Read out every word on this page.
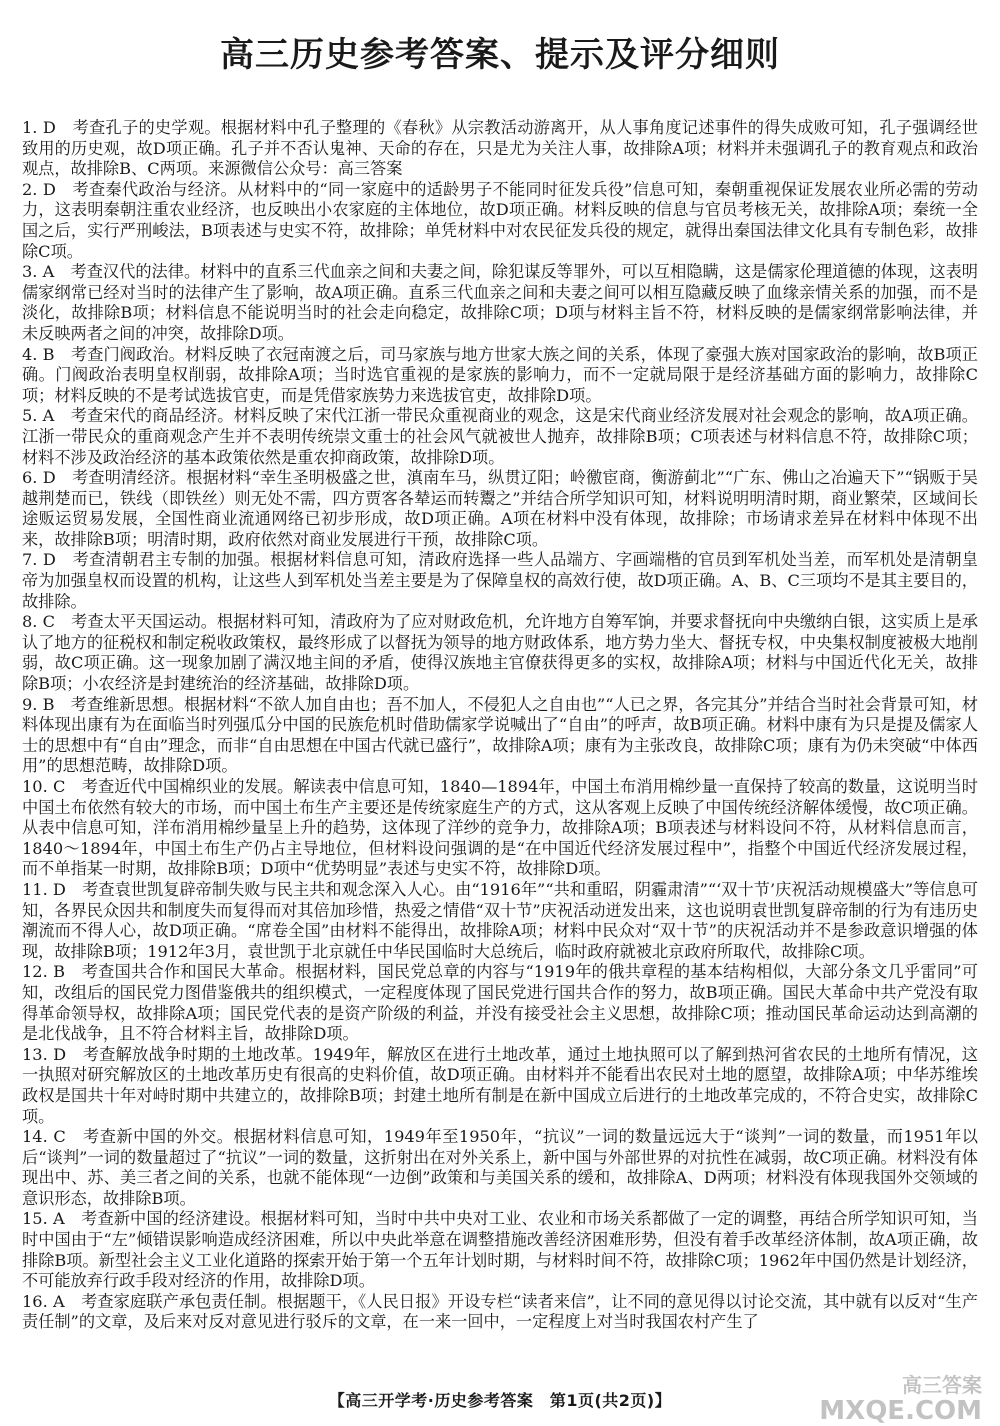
高三历史参考答案、提示及评分细则

1. D　考查孔子的史学观。根据材料中孔子整理的《春秋》从宗教活动游离开，从人事角度记述事件的得失成败可知，孔子强调经世致用的历史观，故D项正确。孔子并不否认鬼神、天命的存在，只是尤为关注人事，故排除A项；材料并未强调孔子的教育观点和政治观点，故排除B、C两项。来源微信公众号：高三答案

2. D　考查秦代政治与经济。从材料中的“同一家庭中的适龄男子不能同时征发兵役”信息可知，秦朝重视保证发展农业所必需的劳动力，这表明秦朝注重农业经济，也反映出小农家庭的主体地位，故D项正确。材料反映的信息与官员考核无关，故排除A项；秦统一全国之后，实行严刑峻法，B项表述与史实不符，故排除；单凭材料中对农民征发兵役的规定，就得出秦国法律文化具有专制色彩，故排除C项。

3. A　考查汉代的法律。材料中的直系三代血亲之间和夫妻之间，除犯谋反等罪外，可以互相隐瞒，这是儒家伦理道德的体现，这表明儒家纲常已经对当时的法律产生了影响，故A项正确。直系三代血亲之间和夫妻之间可以相互隐藏反映了血缘亲情关系的加强，而不是淡化，故排除B项；材料信息不能说明当时的社会走向稳定，故排除C项；D项与材料主旨不符，材料反映的是儒家纲常影响法律，并未反映两者之间的冲突，故排除D项。

4. B　考查门阀政治。材料反映了衣冠南渡之后，司马家族与地方世家大族之间的关系，体现了豪强大族对国家政治的影响，故B项正确。门阀政治表明皇权削弱，故排除A项；当时选官重视的是家族的影响力，而不一定就局限于是经济基础方面的影响力，故排除C项；材料反映的不是考试选拔官吏，而是凭借家族势力来选拔官吏，故排除D项。

5. A　考查宋代的商品经济。材料反映了宋代江浙一带民众重视商业的观念，这是宋代商业经济发展对社会观念的影响，故A项正确。江浙一带民众的重商观念产生并不表明传统崇文重士的社会风气就被世人抛弃，故排除B项；C项表述与材料信息不符，故排除C项；材料不涉及政治经济的基本政策依然是重农抑商政策，故排除D项。

6. D　考查明清经济。根据材料“幸生圣明极盛之世，滇南车马，纵贯辽阳；岭徼宦商，衡游蓟北”“广东、佛山之冶遍天下”“锅贩于吴越荆楚而已，铁线（即铁丝）则无处不需，四方贾客各辇运而转鬻之”并结合所学知识可知，材料说明明清时期，商业繁荣，区域间长途贩运贸易发展，全国性商业流通网络已初步形成，故D项正确。A项在材料中没有体现，故排除；市场请求差异在材料中体现不出来，故排除B项；明清时期，政府依然对商业发展进行干预，故排除C项。

7. D　考查清朝君主专制的加强。根据材料信息可知，清政府选择一些人品端方、字画端楷的官员到军机处当差，而军机处是清朝皇帝为加强皇权而设置的机构，让这些人到军机处当差主要是为了保障皇权的高效行使，故D项正确。A、B、C三项均不是其主要目的，故排除。

8. C　考查太平天国运动。根据材料可知，清政府为了应对财政危机，允许地方自筹军饷，并要求督抚向中央缴纳白银，这实质上是承认了地方的征税权和制定税收政策权，最终形成了以督抚为领导的地方财政体系，地方势力坐大、督抚专权，中央集权制度被极大地削弱，故C项正确。这一现象加剧了满汉地主间的矛盾，使得汉族地主官僚获得更多的实权，故排除A项；材料与中国近代化无关，故排除B项；小农经济是封建统治的经济基础，故排除D项。

9. B　考查维新思想。根据材料“不欲人加自由也；吾不加人，不侵犯人之自由也”“人已之界，各完其分”并结合当时社会背景可知，材料体现出康有为在面临当时列强瓜分中国的民族危机时借助儒家学说喊出了“自由”的呼声，故B项正确。材料中康有为只是提及儒家人士的思想中有“自由”理念，而非“自由思想在中国古代就已盛行”，故排除A项；康有为主张改良，故排除C项；康有为仍未突破“中体西用”的思想范畴，故排除D项。

10. C　考查近代中国棉织业的发展。解读表中信息可知，1840—1894年，中国土布消用棉纱量一直保持了较高的数量，这说明当时中国土布依然有较大的市场，而中国土布生产主要还是传统家庭生产的方式，这从客观上反映了中国传统经济解体缓慢，故C项正确。从表中信息可知，洋布消用棉纱量呈上升的趋势，这体现了洋纱的竞争力，故排除A项；B项表述与材料设问不符，从材料信息而言，1840～1894年，中国土布生产仍占主导地位，但材料设问强调的是“在中国近代经济发展过程中”，指整个中国近代经济发展过程，而不单指某一时期，故排除B项；D项中“优势明显”表述与史实不符，故排除D项。

11. D　考查袁世凯复辟帝制失败与民主共和观念深入人心。由“1916年”“共和重昭，阴霾肃清”“‘双十节’庆祝活动规模盛大”等信息可知，各界民众因共和制度失而复得而对其倍加珍惜，热爱之情借“双十节”庆祝活动迸发出来，这也说明袁世凯复辟帝制的行为有违历史潮流而不得人心，故D项正确。“席卷全国”由材料不能得出，故排除A项；材料中民众对“双十节”的庆祝活动并不是参政意识增强的体现，故排除B项；1912年3月，袁世凯于北京就任中华民国临时大总统后，临时政府就被北京政府所取代，故排除C项。

12. B　考查国共合作和国民大革命。根据材料，国民党总章的内容与“1919年的俄共章程的基本结构相似，大部分条文几乎雷同”可知，改组后的国民党力图借鉴俄共的组织模式，一定程度体现了国民党进行国共合作的努力，故B项正确。国民大革命中共产党没有取得革命领导权，故排除A项；国民党代表的是资产阶级的利益，并没有接受社会主义思想，故排除C项；推动国民革命运动达到高潮的是北伐战争，且不符合材料主旨，故排除D项。

13. D　考查解放战争时期的土地改革。1949年，解放区在进行土地改革，通过土地执照可以了解到热河省农民的土地所有情况，这一执照对研究解放区的土地改革历史有很高的史料价值，故D项正确。由材料并不能看出农民对土地的愿望，故排除A项；中华苏维埃政权是国共十年对峙时期中共建立的，故排除B项；封建土地所有制是在新中国成立后进行的土地改革完成的，不符合史实，故排除C项。

14. C　考查新中国的外交。根据材料信息可知，1949年至1950年，“抗议”一词的数量远远大于“谈判”一词的数量，而1951年以后“谈判”一词的数量超过了“抗议”一词的数量，这折射出在对外关系上，新中国与外部世界的对抗性在减弱，故C项正确。材料没有体现出中、苏、美三者之间的关系，也就不能体现“一边倒”政策和与美国关系的缓和，故排除A、D两项；材料没有体现我国外交领域的意识形态，故排除B项。

15. A　考查新中国的经济建设。根据材料可知，当时中共中央对工业、农业和市场关系都做了一定的调整，再结合所学知识可知，当时中国由于“左”倾错误影响造成经济困难，所以中央此举意在调整措施改善经济困难形势，但没有着手改革经济体制，故A项正确，故排除B项。新型社会主义工业化道路的探索开始于第一个五年计划时期，与材料时间不符，故排除C项；1962年中国仍然是计划经济，不可能放弃行政手段对经济的作用，故排除D项。

16. A　考查家庭联产承包责任制。根据题干，《人民日报》开设专栏“读者来信”，让不同的意见得以讨论交流，其中就有以反对“生产责任制”的文章，及后来对反对意见进行驳斥的文章，在一来一回中，一定程度上对当时我国农村产生了

【高三开学考·历史参考答案　第1页(共2页)】
高三答案
MXQE.COM
